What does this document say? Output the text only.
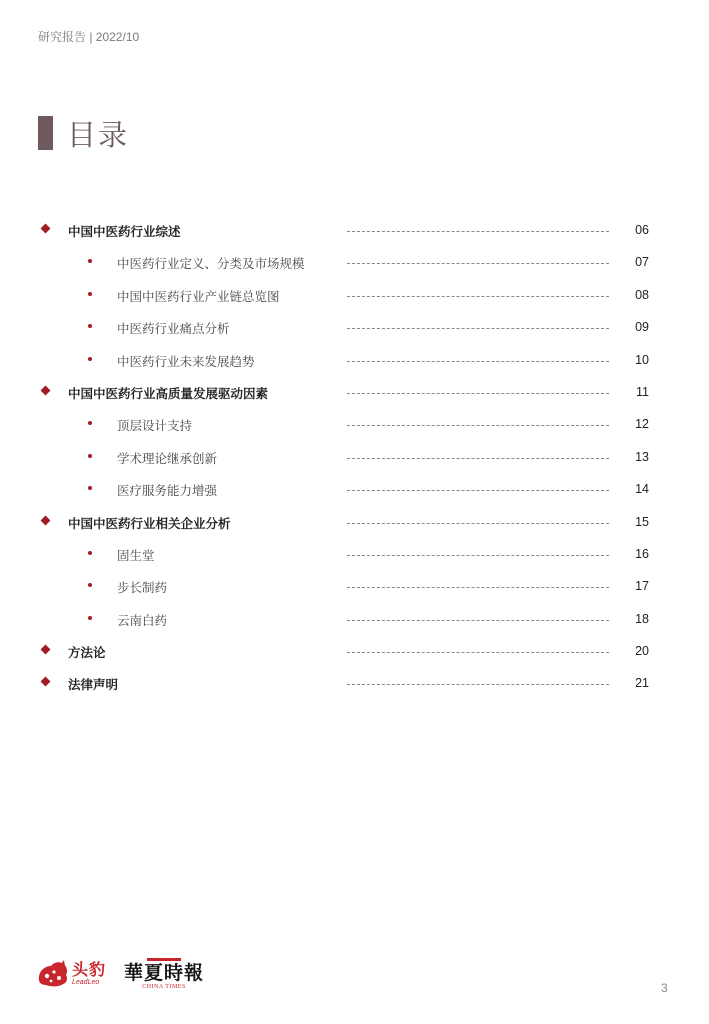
研究报告 | 2022/10
目录
中国中医药行业综述	06
中医药行业定义、分类及市场规模	07
中国中医药行业产业链总览图	08
中医药行业痛点分析	09
中医药行业未来发展趋势	10
中国中医药行业高质量发展驱动因素	11
顶层设计支持	12
学术理论继承创新	13
医疗服务能力增强	14
中国中医药行业相关企业分析	15
固生堂	16
步长制药	17
云南白药	18
方法论	20
法律声明	21
头豹
LeadLeo	華夏時報
CHINA TIMES	3
